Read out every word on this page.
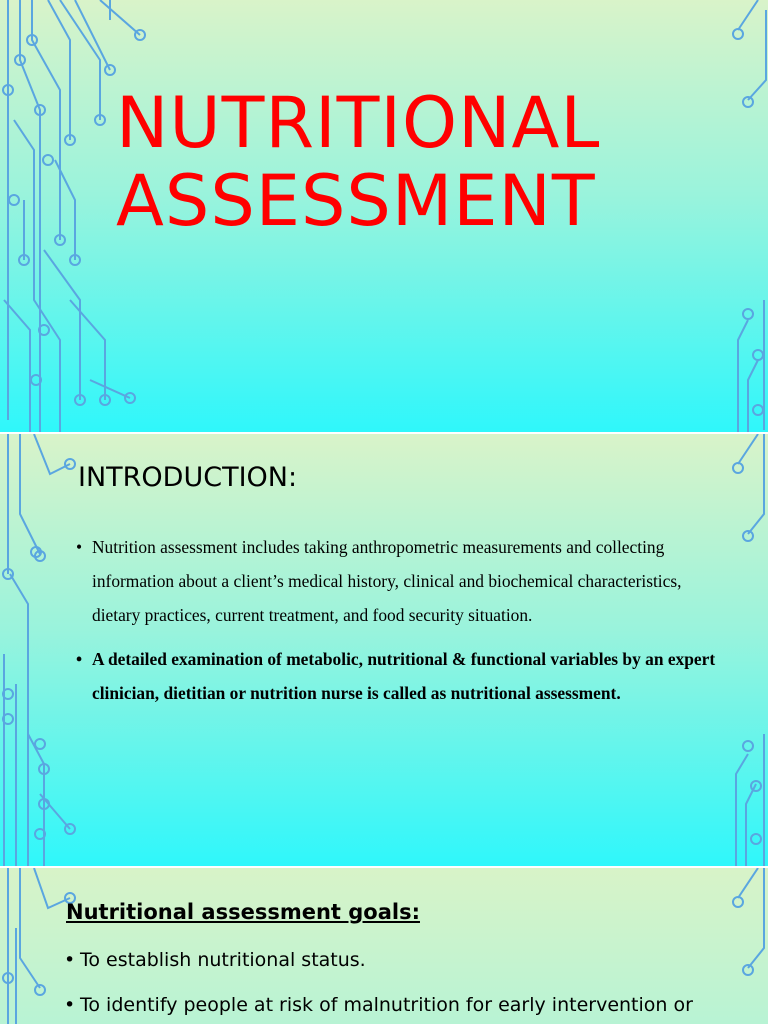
NUTRITIONAL
ASSESSMENT
INTRODUCTION:
• Nutrition assessment includes taking anthropometric measurements and collecting information about a client’s medical history, clinical and biochemical characteristics, dietary practices, current treatment, and food security situation.
• A detailed examination of metabolic, nutritional & functional variables by an expert clinician, dietitian or nutrition nurse is called as nutritional assessment.
Nutritional assessment goals:
• To establish nutritional status.
• To identify people at risk of malnutrition for early intervention or
